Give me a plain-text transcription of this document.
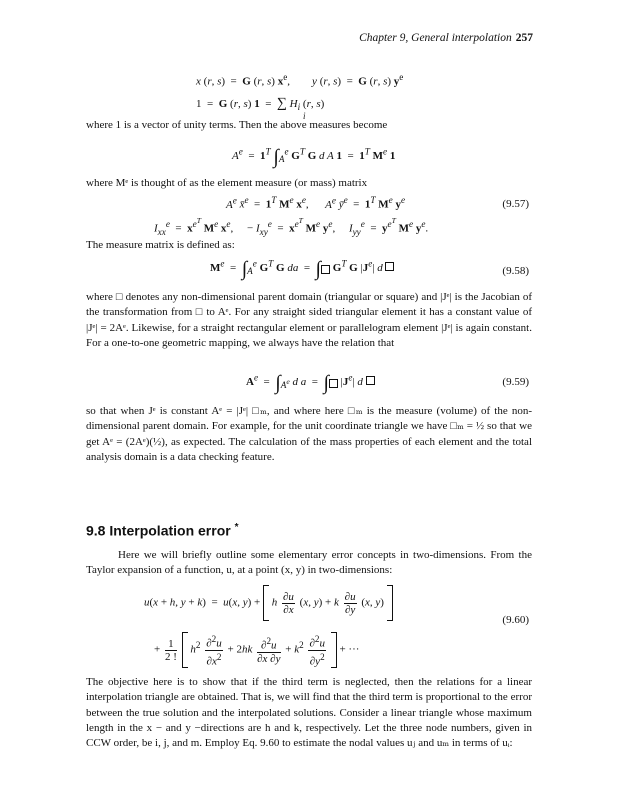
Chapter 9, General interpolation 257
x (r, s)  =  G (r, s) $x^e$,        y (r, s)  =  G (r, s) $y^e$
1  =  G (r, s) 1  =  ∑ $H_i$ (r, s)
i

where 1 is a vector of unity terms. Then the above measures become

$A^e = 1^T$ $\int_A^e$ $G^T$ G d A $1 = 1^T$ Me 1

where Mᵉ is thought of as the element measure (or mass) matrix

$A^e$ x̄$^e$  =  $1^T$ Me $x^e$,      $A^e$ $ȳ^e = 1^T$ Me $y^e$	(9.57)
$I_{xx}^e = x^{e^T}$ Me $x^e$,     − $I_{xy}^e = x^{e^T}$ Me $y^e$,     $I_{yy}^e = y^{e^T}$ Me $y^e$.

The measure matrix is defined as:

$Me = \int_A^e$ $G^T$ G da  =  ∫ $G^T$ G $|J^e|$ d	(9.58)

where □ denotes any non-dimensional parent domain (triangular or square) and |Jᵉ| is the Jacobian of the transformation from □ to Aᵉ. For any straight sided triangular element it has a constant value of |Jᵉ| = 2Aᵉ. Likewise, for a straight rectangular element or parallelogram element |Jᵉ| is again constant. For a one-to-one geometric mapping, we always have the relation that

$A^e = \int_{A^e}$ d a  =  ∫ $|J^e|$ d	(9.59)

so that when Jᵉ is constant Aᵉ = |Jᵉ| □ₘ, and where here □ₘ is the measure (volume) of the non-dimensional parent domain. For example, for the unit coordinate triangle we have □ₘ = ½ so that we get Aᵉ = (2Aᵉ)(½), as expected. The calculation of the mass properties of each element and the total analysis domain is a data checking feature.

9.8 Interpolation error *

Here we will briefly outline some elementary error concepts in two-dimensions. From the Taylor expansion of a function, u, at a point (x, y) in two-dimensions:

u(x + h, y + k)  =  u(x, y) +  h $\frac{\partial u}{\partial x} (x$, y) + k $\frac{\partial u}{\partial y} (x$, y)
(9.60)
+ $\frac{1}{2 !} h^2 \frac{\partial^2u}{\partial x^2} + 2hk \frac{\partial^2u}{\partial x \partial y} + k^2 \frac{\partial^2u}{\partial y^2}$ + ···

The objective here is to show that if the third term is neglected, then the relations for a linear interpolation triangle are obtained. That is, we will find that the third term is proportional to the error between the true solution and the interpolated solutions. Consider a linear triangle whose maximum length in the x − and y −directions are h and k, respectively. Let the three node numbers, given in CCW order, be i, j, and m. Employ Eq. 9.60 to estimate the nodal values uⱼ and uₘ in terms of uᵢ:
